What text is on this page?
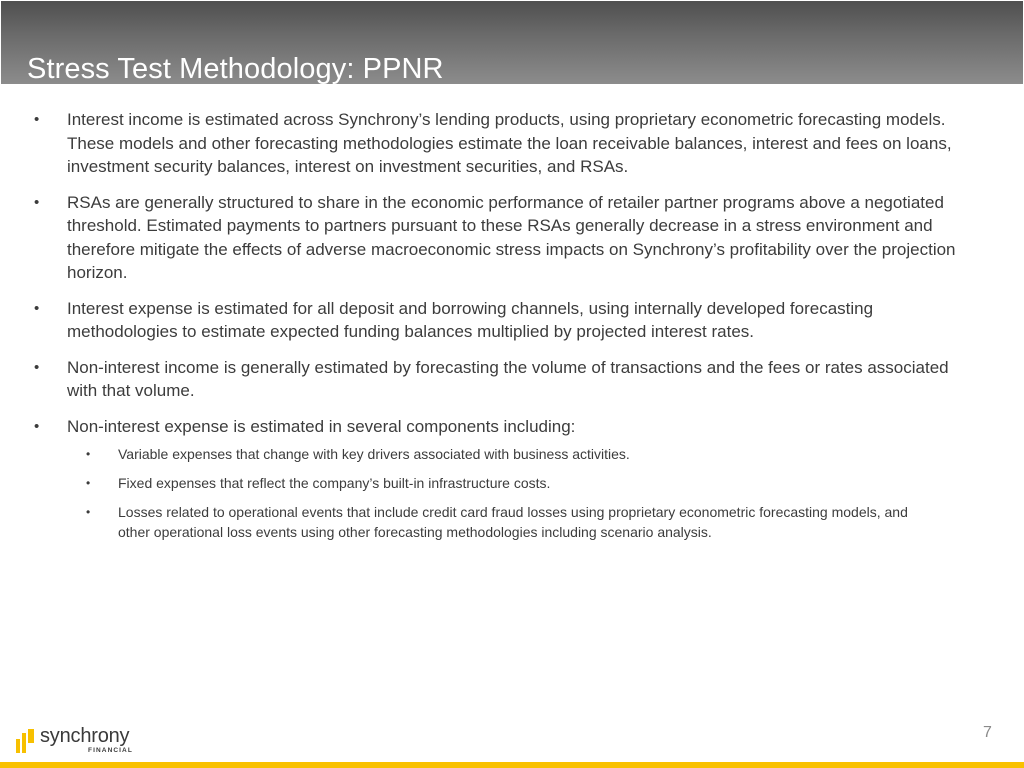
Stress Test Methodology: PPNR
• Interest income is estimated across Synchrony’s lending products, using proprietary econometric forecasting models. These models and other forecasting methodologies estimate the loan receivable balances, interest and fees on loans, investment security balances, interest on investment securities, and RSAs.
• RSAs are generally structured to share in the economic performance of retailer partner programs above a negotiated threshold. Estimated payments to partners pursuant to these RSAs generally decrease in a stress environment and therefore mitigate the effects of adverse macroeconomic stress impacts on Synchrony’s profitability over the projection horizon.
• Interest expense is estimated for all deposit and borrowing channels, using internally developed forecasting methodologies to estimate expected funding balances multiplied by projected interest rates.
• Non-interest income is generally estimated by forecasting the volume of transactions and the fees or rates associated with that volume.
• Non-interest expense is estimated in several components including:
• Variable expenses that change with key drivers associated with business activities.
• Fixed expenses that reflect the company’s built-in infrastructure costs.
• Losses related to operational events that include credit card fraud losses using proprietary econometric forecasting models, and other operational loss events using other forecasting methodologies including scenario analysis.
synchrony
FINANCIAL
7
